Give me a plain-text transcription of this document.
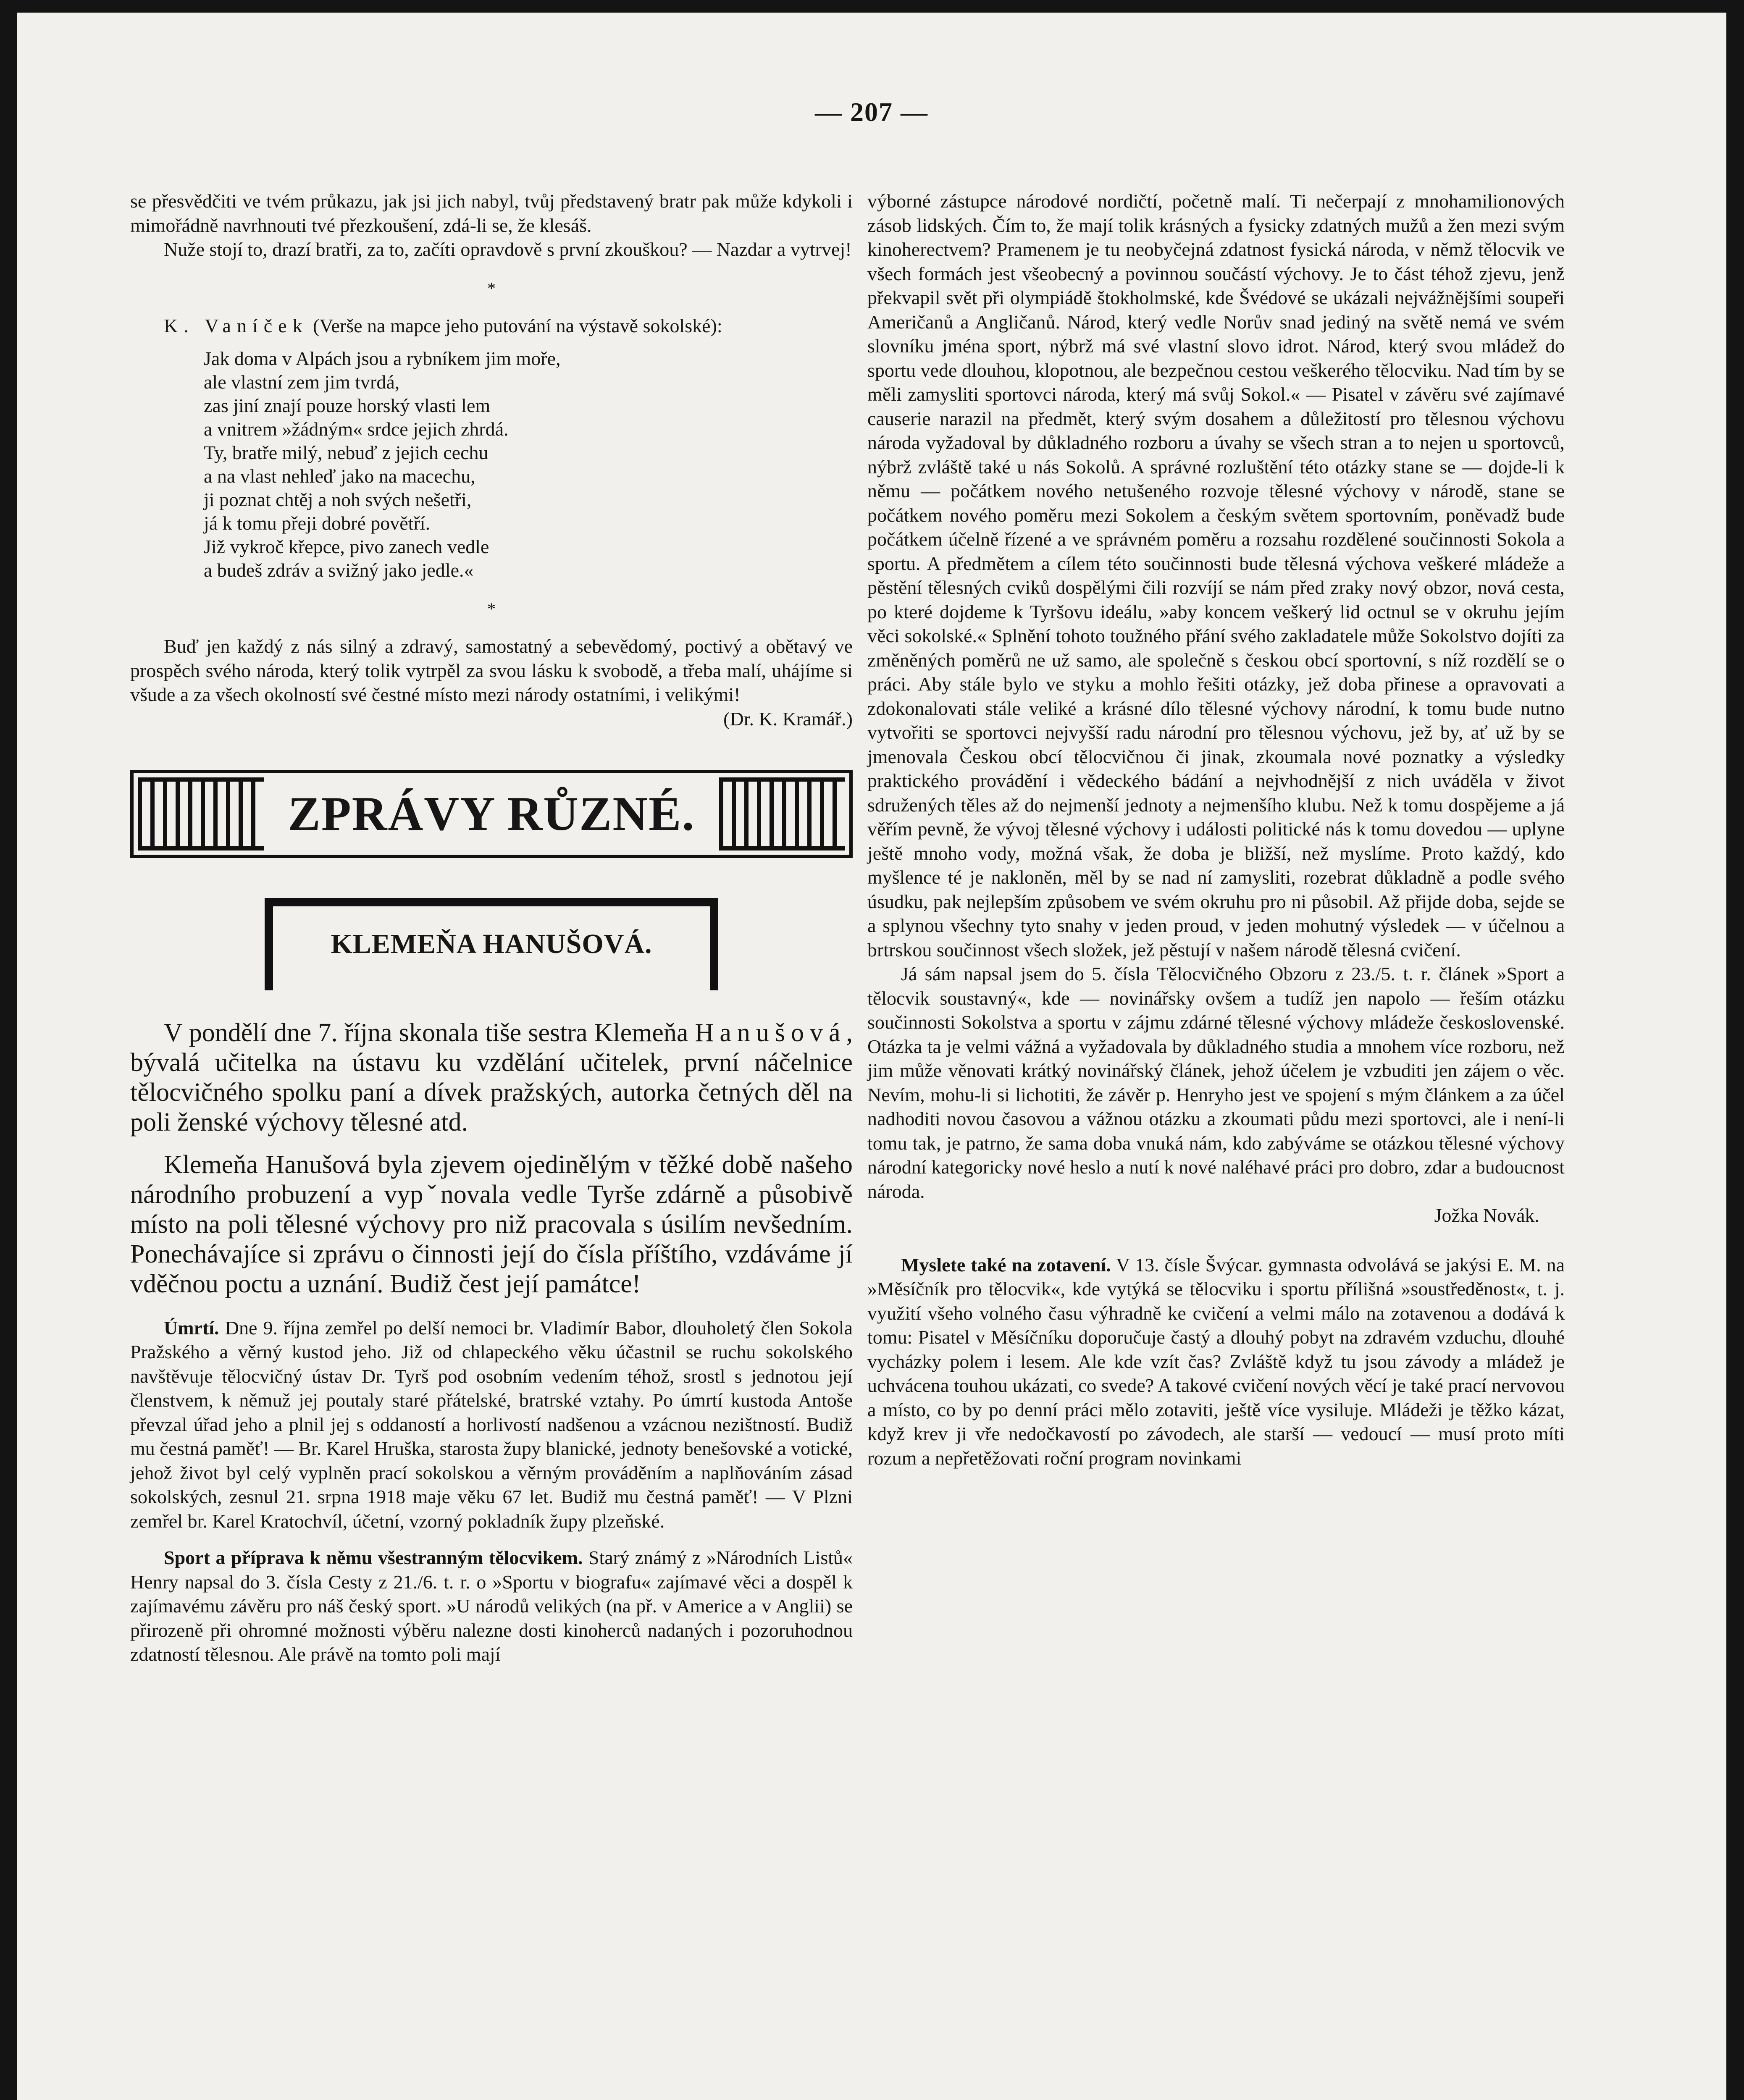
— 207 —

se přesvědčiti ve tvém průkazu, jak jsi jich nabyl, tvůj představený bratr pak může kdykoli i mimořádně navrhnouti tvé přezkoušení, zdá-li se, že klesáš.

Nuže stojí to, drazí bratři, za to, začíti opravdově s první zkouškou? — Nazdar a vytrvej!

*

K. Vaníček (Verše na mapce jeho putování na výstavě sokolské):

Jak doma v Alpách jsou a rybníkem jim moře,
ale vlastní zem jim tvrdá,
zas jiní znají pouze horský vlasti lem
a vnitrem »žádným« srdce jejich zhrdá.
Ty, bratře milý, nebuď z jejich cechu
a na vlast nehleď jako na macechu,
ji poznat chtěj a noh svých nešetři,
já k tomu přeji dobré povětří.
Již vykroč křepce, pivo zanech vedle
a budeš zdráv a svižný jako jedle.«
*

Buď jen každý z nás silný a zdravý, samostatný a sebevědomý, poctivý a obětavý ve prospěch svého národa, který tolik vytrpěl za svou lásku k svobodě, a třeba malí, uhájíme si všude a za všech okolností své čestné místo mezi národy ostatními, i velikými!
(Dr. K. Kramář.)

ZPRÁVY RŮZNÉ.
KLEMEŇA HANUŠOVÁ.

V pondělí dne 7. října skonala tiše sestra Klemeňa Hanušová, bývalá učitelka na ústavu ku vzdělání učitelek, první náčelnice tělocvičného spolku paní a dívek pražských, autorka četných děl na poli ženské výchovy tělesné atd.

Klemeňa Hanušová byla zjevem ojedinělým v těžké době našeho národního probuzení a vypˇnovala vedle Tyrše zdárně a působivě místo na poli tělesné výchovy pro niž pracovala s úsilím nevšedním. Ponechávajíce si zprávu o činnosti její do čísla příštího, vzdáváme jí vděčnou poctu a uznání. Budiž čest její památce!

Úmrtí. Dne 9. října zemřel po delší nemoci br. Vladimír Babor, dlouholetý člen Sokola Pražského a věrný kustod jeho. Již od chlapeckého věku účastnil se ruchu sokolského navštěvuje tělocvičný ústav Dr. Tyrš pod osobním vedením téhož, srostl s jednotou její členstvem, k němuž jej poutaly staré přátelské, bratrské vztahy. Po úmrtí kustoda Antoše převzal úřad jeho a plnil jej s oddaností a horlivostí nadšenou a vzácnou nezištností. Budiž mu čestná paměť! — Br. Karel Hruška, starosta župy blanické, jednoty benešovské a votické, jehož život byl celý vyplněn prací sokolskou a věrným prováděním a naplňováním zásad sokolských, zesnul 21. srpna 1918 maje věku 67 let. Budiž mu čestná paměť! — V Plzni zemřel br. Karel Kratochvíl, účetní, vzorný pokladník župy plzeňské.

Sport a příprava k němu všestranným tělocvikem. Starý známý z »Národních Listů« Henry napsal do 3. čísla Cesty z 21./6. t. r. o »Sportu v biografu« zajímavé věci a dospěl k zajímavému závěru pro náš český sport. »U národů velikých (na př. v Americe a v Anglii) se přirozeně při ohromné možnosti výběru nalezne dosti kinoherců nadaných i pozoruhodnou zdatností tělesnou. Ale právě na tomto poli mají

výborné zástupce národové nordičtí, početně malí. Ti nečerpají z mnohamilionových zásob lidských. Čím to, že mají tolik krásných a fysicky zdatných mužů a žen mezi svým kinoherectvem? Pramenem je tu neobyčejná zdatnost fysická národa, v němž tělocvik ve všech formách jest všeobecný a povinnou součástí výchovy. Je to část téhož zjevu, jenž překvapil svět při olympiádě štokholmské, kde Švédové se ukázali nejvážnějšími soupeři Američanů a Angličanů. Národ, který vedle Norův snad jediný na světě nemá ve svém slovníku jména sport, nýbrž má své vlastní slovo idrot. Národ, který svou mládež do sportu vede dlouhou, klopotnou, ale bezpečnou cestou veškerého tělocviku. Nad tím by se měli zamysliti sportovci národa, který má svůj Sokol.« — Pisatel v závěru své zajímavé causerie narazil na předmět, který svým dosahem a důležitostí pro tělesnou výchovu národa vyžadoval by důkladného rozboru a úvahy se všech stran a to nejen u sportovců, nýbrž zvláště také u nás Sokolů. A správné rozluštění této otázky stane se — dojde-li k němu — počátkem nového netušeného rozvoje tělesné výchovy v národě, stane se počátkem nového poměru mezi Sokolem a českým světem sportovním, poněvadž bude počátkem účelně řízené a ve správném poměru a rozsahu rozdělené součinnosti Sokola a sportu. A předmětem a cílem této součinnosti bude tělesná výchova veškeré mládeže a pěstění tělesných cviků dospělými čili rozvíjí se nám před zraky nový obzor, nová cesta, po které dojdeme k Tyršovu ideálu, »aby koncem veškerý lid octnul se v okruhu jejím věci sokolské.« Splnění tohoto toužného přání svého zakladatele může Sokolstvo dojíti za změněných poměrů ne už samo, ale společně s českou obcí sportovní, s níž rozdělí se o práci. Aby stále bylo ve styku a mohlo řešiti otázky, jež doba přinese a opravovati a zdokonalovati stále veliké a krásné dílo tělesné výchovy národní, k tomu bude nutno vytvořiti se sportovci nejvyšší radu národní pro tělesnou výchovu, jež by, ať už by se jmenovala Českou obcí tělocvičnou či jinak, zkoumala nové poznatky a výsledky praktického provádění i vědeckého bádání a nejvhodnější z nich uváděla v život sdružených těles až do nejmenší jednoty a nejmenšího klubu. Než k tomu dospějeme a já věřím pevně, že vývoj tělesné výchovy i události politické nás k tomu dovedou — uplyne ještě mnoho vody, možná však, že doba je bližší, než myslíme. Proto každý, kdo myšlence té je nakloněn, měl by se nad ní zamysliti, rozebrat důkladně a podle svého úsudku, pak nejlepším způsobem ve svém okruhu pro ni působil. Až přijde doba, sejde se a splynou všechny tyto snahy v jeden proud, v jeden mohutný výsledek — v účelnou a brtrskou součinnost všech složek, jež pěstují v našem národě tělesná cvičení.

Já sám napsal jsem do 5. čísla Tělocvičného Obzoru z 23./5. t. r. článek »Sport a tělocvik soustavný«, kde — novinářsky ovšem a tudíž jen napolo — řeším otázku součinnosti Sokolstva a sportu v zájmu zdárné tělesné výchovy mládeže československé. Otázka ta je velmi vážná a vyžadovala by důkladného studia a mnohem více rozboru, než jim může věnovati krátký novinářský článek, jehož účelem je vzbuditi jen zájem o věc. Nevím, mohu-li si lichotiti, že závěr p. Henryho jest ve spojení s mým článkem a za účel nadhoditi novou časovou a vážnou otázku a zkoumati půdu mezi sportovci, ale i není-li tomu tak, je patrno, že sama doba vnuká nám, kdo zabýváme se otázkou tělesné výchovy národní kategoricky nové heslo a nutí k nové naléhavé práci pro dobro, zdar a budoucnost národa.

Jožka Novák.

Myslete také na zotavení. V 13. čísle Švýcar. gymnasta odvolává se jakýsi E. M. na »Měsíčník pro tělocvik«, kde vytýká se tělocviku i sportu přílišná »soustředěnost«, t. j. využití všeho volného času výhradně ke cvičení a velmi málo na zotavenou a dodává k tomu: Pisatel v Měsíčníku doporučuje častý a dlouhý pobyt na zdravém vzduchu, dlouhé vycházky polem i lesem. Ale kde vzít čas? Zvláště když tu jsou závody a mládež je uchvácena touhou ukázati, co svede? A takové cvičení nových věcí je také prací nervovou a místo, co by po denní práci mělo zotaviti, ještě více vysiluje. Mládeži je těžko kázat, když krev ji vře nedočkavostí po závodech, ale starší — vedoucí — musí proto míti rozum a nepřetěžovati roční program novinkami
